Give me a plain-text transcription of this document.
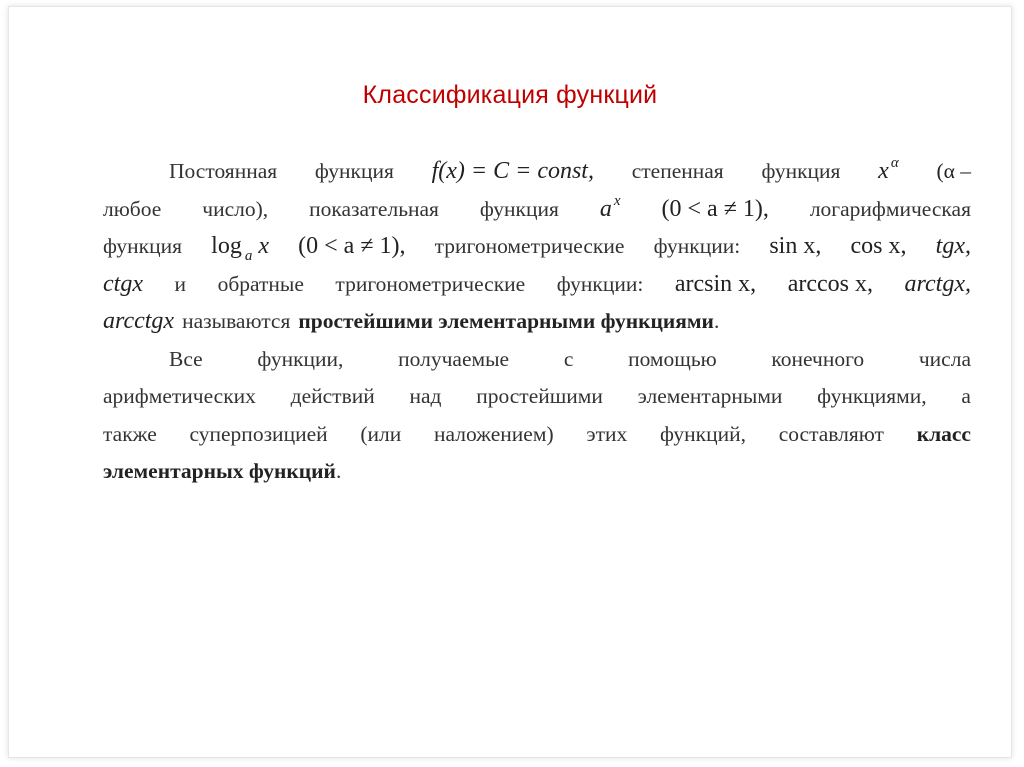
Классификация функций
Постоянная функция f(x) = C = const, степенная функция x $^\alpha$ (α –
любое число), показательная функция a $^x$ (0 < a ≠ 1), логарифмическая
функция log $_a$ x (0 < a ≠ 1), тригонометрические функции: sin x, cos x, tgx,
ctgx и обратные тригонометрические функции: arcsin x, arccos x, arctgx,
arcctgx называются простейшими элементарными функциями.
Все	функции,	получаемые	с	помощью	конечного	числа
арифметических действий над простейшими элементарными функциями, а
также суперпозицией (или наложением) этих функций, составляют класс
элементарных функций.
